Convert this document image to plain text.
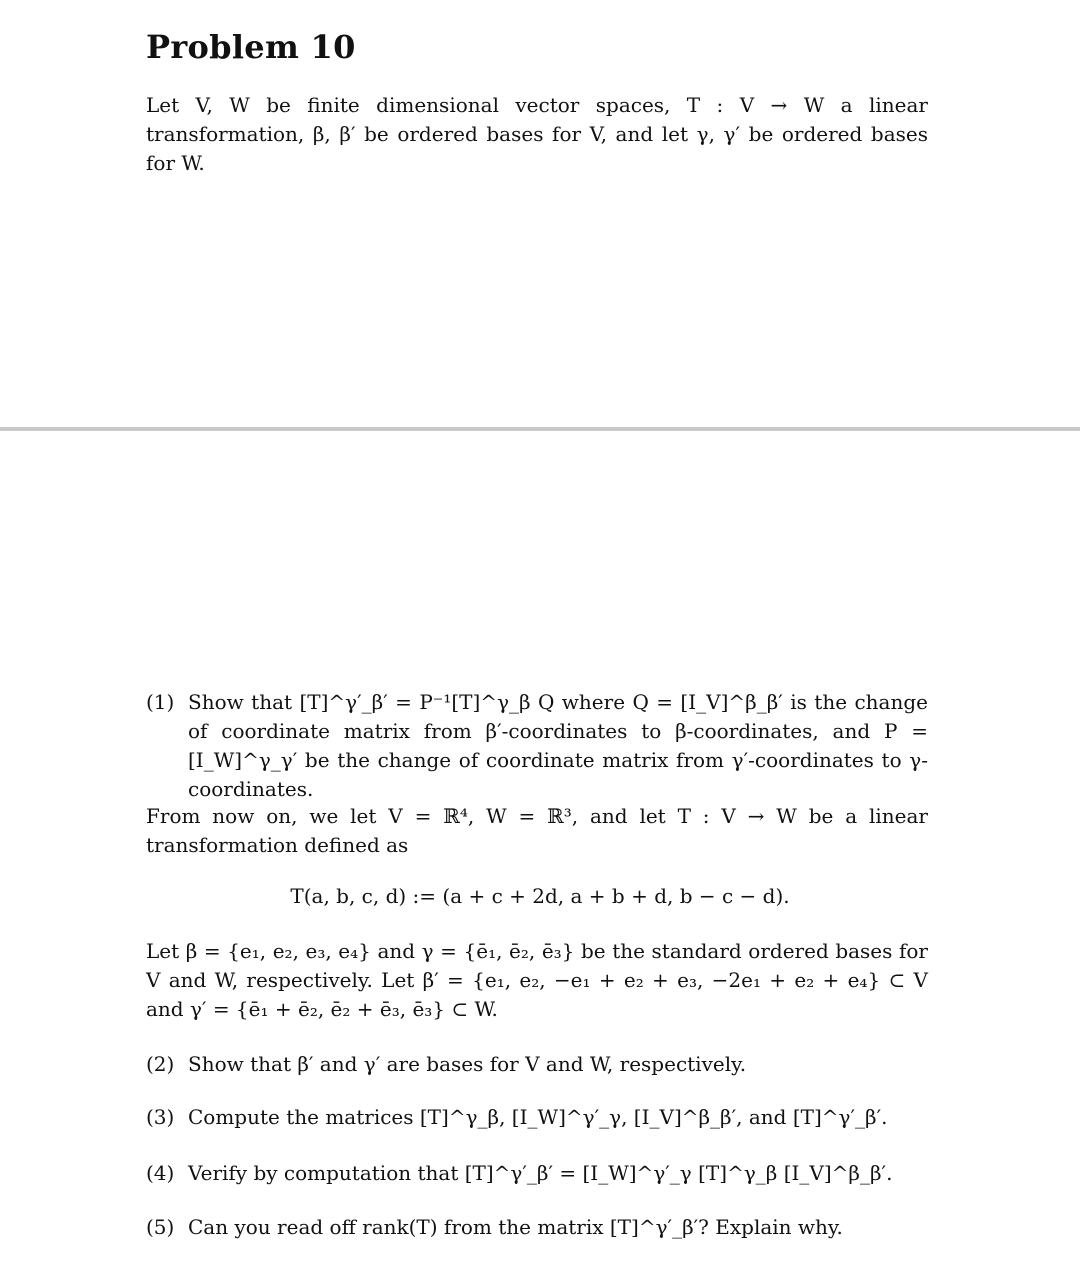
Problem 10

Let V, W be finite dimensional vector spaces, T : V → W a linear transformation, β, β′ be ordered bases for V, and let γ, γ′ be ordered bases for W.

(1) Show that [T]^γ′_β′ = P⁻¹[T]^γ_β Q where Q = [I_V]^β_β′ is the change of coordinate matrix from β′-coordinates to β-coordinates, and P = [I_W]^γ_γ′ be the change of coordinate matrix from γ′-coordinates to γ-coordinates.

From now on, we let V = ℝ⁴, W = ℝ³, and let T : V → W be a linear transformation defined as

T(a, b, c, d) := (a + c + 2d, a + b + d, b − c − d).

Let β = {e₁, e₂, e₃, e₄} and γ = {ē₁, ē₂, ē₃} be the standard ordered bases for V and W, respectively. Let β′ = {e₁, e₂, −e₁ + e₂ + e₃, −2e₁ + e₂ + e₄} ⊂ V and γ′ = {ē₁ + ē₂, ē₂ + ē₃, ē₃} ⊂ W.

(2) Show that β′ and γ′ are bases for V and W, respectively.
(3) Compute the matrices [T]^γ_β, [I_W]^γ′_γ, [I_V]^β_β′, and [T]^γ′_β′.
(4) Verify by computation that [T]^γ′_β′ = [I_W]^γ′_γ [T]^γ_β [I_V]^β_β′.
(5) Can you read off rank(T) from the matrix [T]^γ′_β′? Explain why.
